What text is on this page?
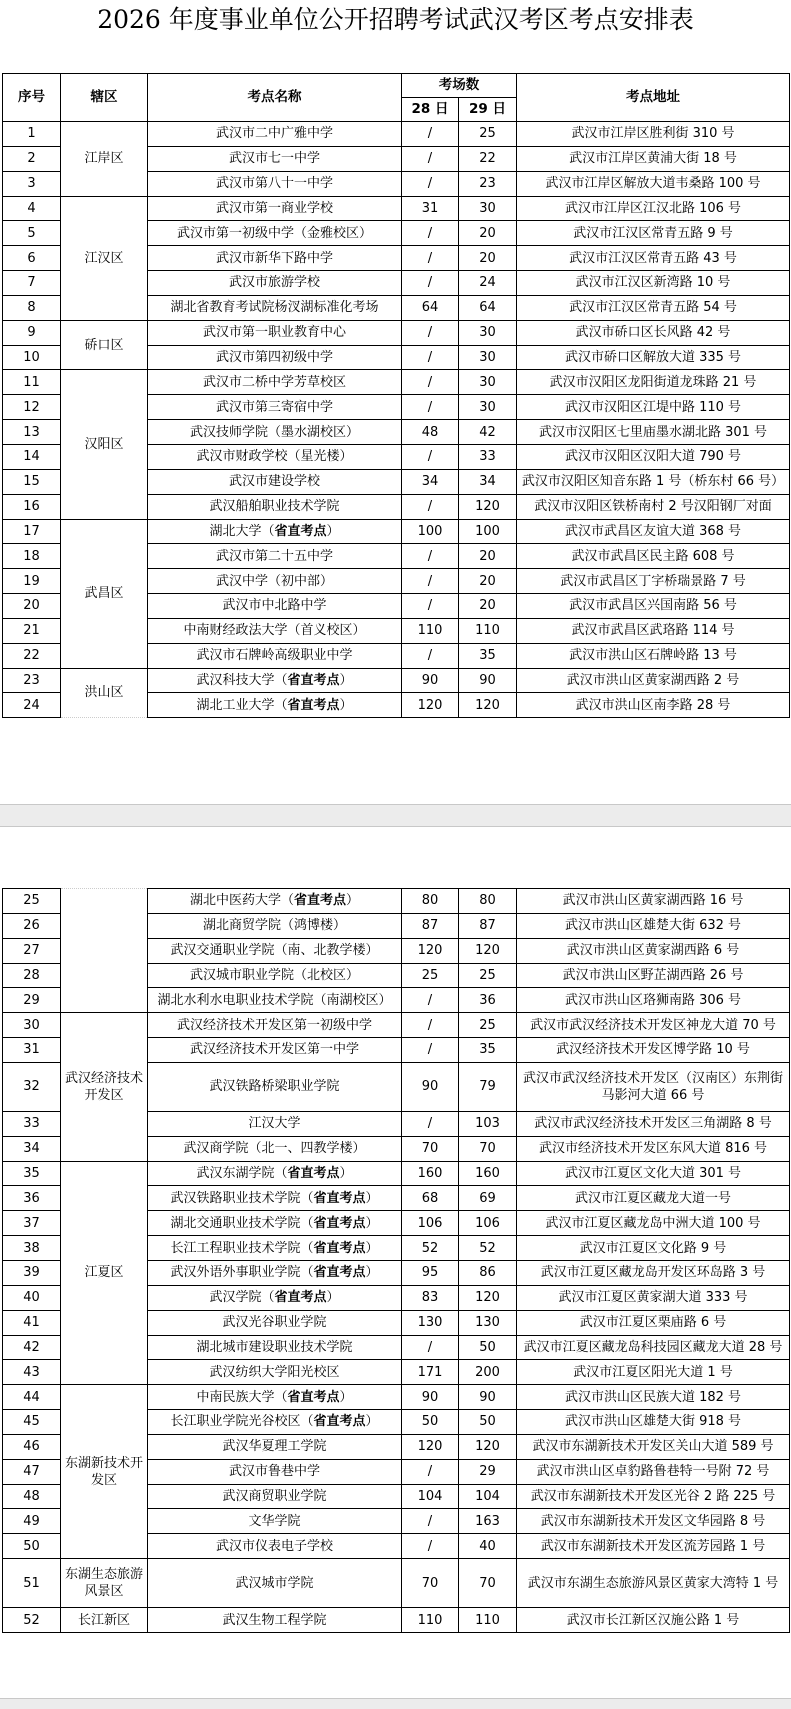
2026 年度事业单位公开招聘考试武汉考区考点安排表
序号	辖区	考点名称	考场数		考点地址
			28 日	29 日	
1	江岸区	武汉市二中广雅中学	/	25	武汉市江岸区胜利街 310 号
2		武汉市七一中学	/	22	武汉市江岸区黄浦大街 18 号
3		武汉市第八十一中学	/	23	武汉市江岸区解放大道韦桑路 100 号
4	江汉区	武汉市第一商业学校	31	30	武汉市江岸区江汉北路 106 号
5		武汉市第一初级中学（金雅校区）	/	20	武汉市江汉区常青五路 9 号
6		武汉市新华下路中学	/	20	武汉市江汉区常青五路 43 号
7		武汉市旅游学校	/	24	武汉市江汉区新湾路 10 号
8		湖北省教育考试院杨汊湖标准化考场	64	64	武汉市江汉区常青五路 54 号
9	硚口区	武汉市第一职业教育中心	/	30	武汉市硚口区长风路 42 号
10		武汉市第四初级中学	/	30	武汉市硚口区解放大道 335 号
11	汉阳区	武汉市二桥中学芳草校区	/	30	武汉市汉阳区龙阳街道龙珠路 21 号
12		武汉市第三寄宿中学	/	30	武汉市汉阳区江堤中路 110 号
13		武汉技师学院（墨水湖校区）	48	42	武汉市汉阳区七里庙墨水湖北路 301 号
14		武汉市财政学校（星光楼）	/	33	武汉市汉阳区汉阳大道 790 号
15		武汉市建设学校	34	34	武汉市汉阳区知音东路 1 号（桥东村 66 号）
16		武汉船舶职业技术学院	/	120	武汉市汉阳区铁桥南村 2 号汉阳钢厂对面
17	武昌区	湖北大学（省直考点）	100	100	武汉市武昌区友谊大道 368 号
18		武汉市第二十五中学	/	20	武汉市武昌区民主路 608 号
19		武汉中学（初中部）	/	20	武汉市武昌区丁字桥瑞景路 7 号
20		武汉市中北路中学	/	20	武汉市武昌区兴国南路 56 号
21		中南财经政法大学（首义校区）	110	110	武汉市武昌区武珞路 114 号
22		武汉市石牌岭高级职业中学	/	35	武汉市洪山区石牌岭路 13 号
23	洪山区	武汉科技大学（省直考点）	90	90	武汉市洪山区黄家湖西路 2 号
24		湖北工业大学（省直考点）	120	120	武汉市洪山区南李路 28 号
25		湖北中医药大学（省直考点）	80	80	武汉市洪山区黄家湖西路 16 号
26		湖北商贸学院（鸿博楼）	87	87	武汉市洪山区雄楚大街 632 号
27		武汉交通职业学院（南、北教学楼）	120	120	武汉市洪山区黄家湖西路 6 号
28		武汉城市职业学院（北校区）	25	25	武汉市洪山区野芷湖西路 26 号
29		湖北水利水电职业技术学院（南湖校区）	/	36	武汉市洪山区珞狮南路 306 号
30	武汉经济技术开发区	武汉经济技术开发区第一初级中学	/	25	武汉市武汉经济技术开发区神龙大道 70 号
31		武汉经济技术开发区第一中学	/	35	武汉经济技术开发区博学路 10 号
32		武汉铁路桥梁职业学院	90	79	武汉市武汉经济技术开发区（汉南区）东荆街马影河大道 66 号
33		江汉大学	/	103	武汉市武汉经济技术开发区三角湖路 8 号
34		武汉商学院（北一、四教学楼）	70	70	武汉市经济技术开发区东风大道 816 号
35	江夏区	武汉东湖学院（省直考点）	160	160	武汉市江夏区文化大道 301 号
36		武汉铁路职业技术学院（省直考点）	68	69	武汉市江夏区藏龙大道一号
37		湖北交通职业技术学院（省直考点）	106	106	武汉市江夏区藏龙岛中洲大道 100 号
38		长江工程职业技术学院（省直考点）	52	52	武汉市江夏区文化路 9 号
39		武汉外语外事职业学院（省直考点）	95	86	武汉市江夏区藏龙岛开发区环岛路 3 号
40		武汉学院（省直考点）	83	120	武汉市江夏区黄家湖大道 333 号
41		武汉光谷职业学院	130	130	武汉市江夏区栗庙路 6 号
42		湖北城市建设职业技术学院	/	50	武汉市江夏区藏龙岛科技园区藏龙大道 28 号
43		武汉纺织大学阳光校区	171	200	武汉市江夏区阳光大道 1 号
44	东湖新技术开发区	中南民族大学（省直考点）	90	90	武汉市洪山区民族大道 182 号
45		长江职业学院光谷校区（省直考点）	50	50	武汉市洪山区雄楚大街 918 号
46		武汉华夏理工学院	120	120	武汉市东湖新技术开发区关山大道 589 号
47		武汉市鲁巷中学	/	29	武汉市洪山区卓豹路鲁巷特一号附 72 号
48		武汉商贸职业学院	104	104	武汉市东湖新技术开发区光谷 2 路 225 号
49		文华学院	/	163	武汉市东湖新技术开发区文华园路 8 号
50		武汉市仪表电子学校	/	40	武汉市东湖新技术开发区流芳园路 1 号
51	东湖生态旅游风景区	武汉城市学院	70	70	武汉市东湖生态旅游风景区黄家大湾特 1 号
52	长江新区	武汉生物工程学院	110	110	武汉市长江新区汉施公路 1 号
